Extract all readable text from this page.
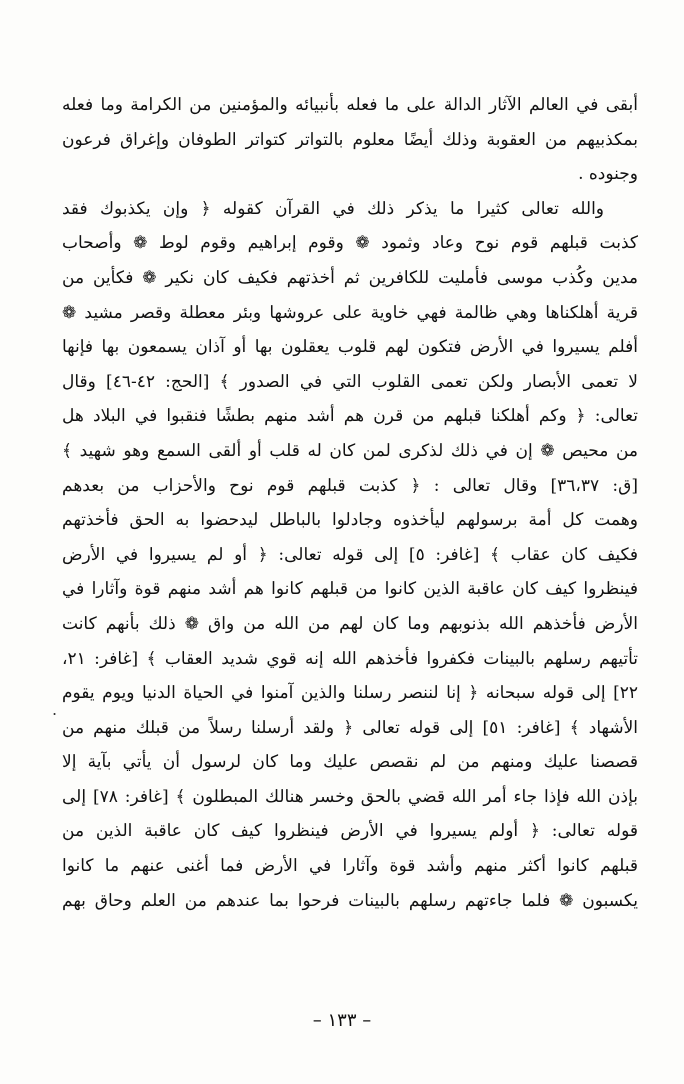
أبقى في العالم الآثار الدالة على ما فعله بأنبيائه والمؤمنين من الكرامة وما فعله
بمكذبيهم من العقوبة وذلك أيضًا معلوم بالتواتر كتواتر الطوفان وإغراق فرعون
وجنوده .
والله تعالى كثيرا ما يذكر ذلك في القرآن كقوله ﴿ وإن يكذبوك فقد
كذبت قبلهم قوم نوح وعاد وثمود ❁ وقوم إبراهيم وقوم لوط ❁ وأصحاب
مدين وكُذب موسى فأمليت للكافرين ثم أخذتهم فكيف كان نكير ❁ فكأين من
قرية أهلكناها وهي ظالمة فهي خاوية على عروشها وبئر معطلة وقصر مشيد ❁
أفلم يسيروا في الأرض فتكون لهم قلوب يعقلون بها أو آذان يسمعون بها فإنها
لا تعمى الأبصار ولكن تعمى القلوب التي في الصدور ﴾ [الحج: ٤٢-٤٦] وقال
تعالى: ﴿ وكم أهلكنا قبلهم من قرن هم أشد منهم بطشًا فنقبوا في البلاد هل
من محيص ❁ إن في ذلك لذكرى لمن كان له قلب أو ألقى السمع وهو شهيد ﴾
[ق: ٣٦،٣٧] وقال تعالى : ﴿ كذبت قبلهم قوم نوح والأحزاب من بعدهم
وهمت كل أمة برسولهم ليأخذوه وجادلوا بالباطل ليدحضوا به الحق فأخذتهم
فكيف كان عقاب ﴾ [غافر: ٥] إلى قوله تعالى: ﴿ أو لم يسيروا في الأرض
فينظروا كيف كان عاقبة الذين كانوا من قبلهم كانوا هم أشد منهم قوة وآثارا في
الأرض فأخذهم الله بذنوبهم وما كان لهم من الله من واق ❁ ذلك بأنهم كانت
تأتيهم رسلهم بالبينات فكفروا فأخذهم الله إنه قوي شديد العقاب ﴾ [غافر: ٢١،
٢٢] إلى قوله سبحانه ﴿ إنا لننصر رسلنا والذين آمنوا في الحياة الدنيا ويوم يقوم
الأشهاد ﴾ [غافر: ٥١] إلى قوله تعالى ﴿ ولقد أرسلنا رسلاً من قبلك منهم من
قصصنا عليك ومنهم من لم نقصص عليك وما كان لرسول أن يأتي بآية إلا
بإذن الله فإذا جاء أمر الله قضي بالحق وخسر هنالك المبطلون ﴾ [غافر: ٧٨] إلى
قوله تعالى: ﴿ أولم يسيروا في الأرض فينظروا كيف كان عاقبة الذين من
قبلهم كانوا أكثر منهم وأشد قوة وآثارا في الأرض فما أغنى عنهم ما كانوا
يكسبون ❁ فلما جاءتهم رسلهم بالبينات فرحوا بما عندهم من العلم وحاق بهم
.
– ١٣٣ –
